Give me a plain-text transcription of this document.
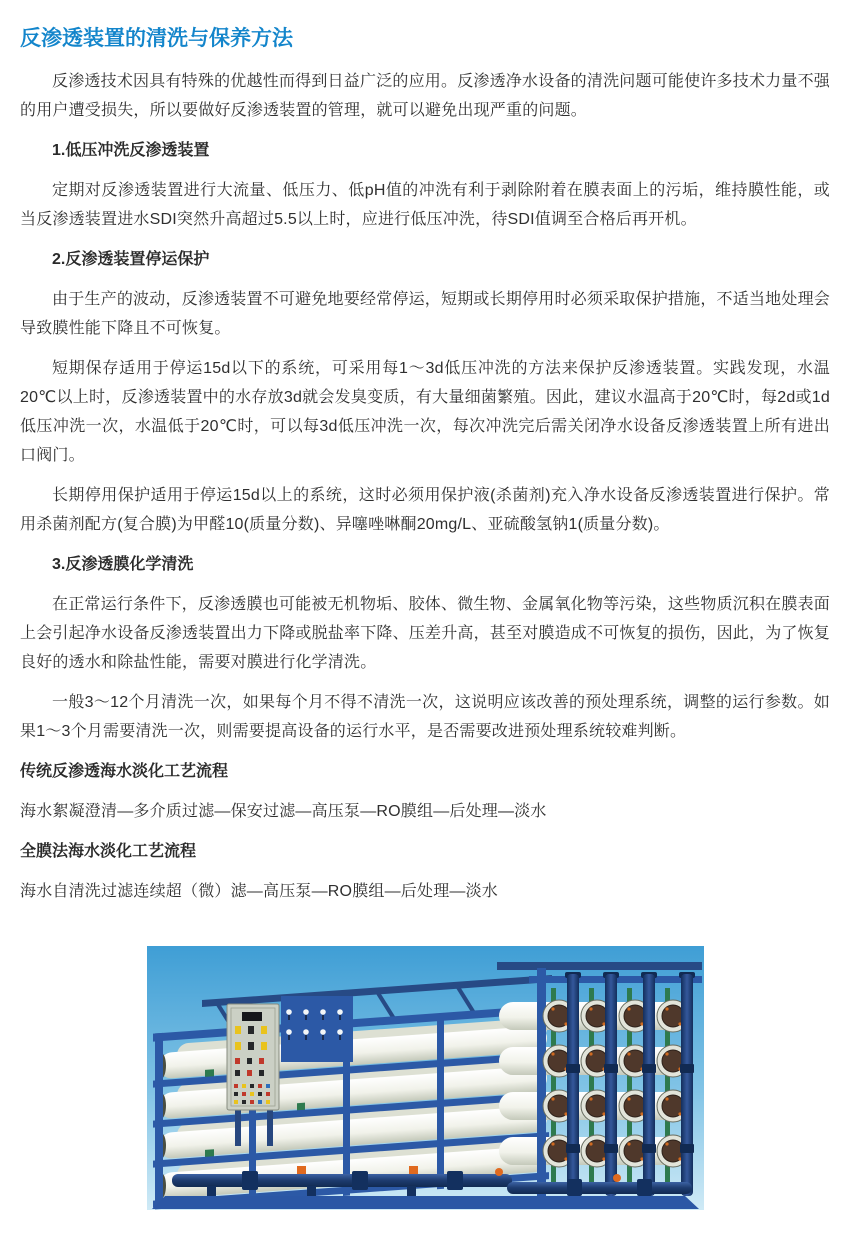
反渗透装置的清洗与保养方法

反渗透技术因具有特殊的优越性而得到日益广泛的应用。反渗透净水设备的清洗问题可能使许多技术力量不强的用户遭受损失，所以要做好反渗透装置的管理，就可以避免出现严重的问题。

1.低压冲洗反渗透装置

定期对反渗透装置进行大流量、低压力、低pH值的冲洗有利于剥除附着在膜表面上的污垢，维持膜性能，或当反渗透装置进水SDI突然升高超过5.5以上时，应进行低压冲洗，待SDI值调至合格后再开机。

2.反渗透装置停运保护

由于生产的波动，反渗透装置不可避免地要经常停运，短期或长期停用时必须采取保护措施，不适当地处理会导致膜性能下降且不可恢复。

短期保存适用于停运15d以下的系统，可采用每1～3d低压冲洗的方法来保护反渗透装置。实践发现，水温20℃以上时，反渗透装置中的水存放3d就会发臭变质，有大量细菌繁殖。因此，建议水温高于20℃时，每2d或1d低压冲洗一次，水温低于20℃时，可以每3d低压冲洗一次，每次冲洗完后需关闭净水设备反渗透装置上所有进出口阀门。

长期停用保护适用于停运15d以上的系统，这时必须用保护液(杀菌剂)充入净水设备反渗透装置进行保护。常用杀菌剂配方(复合膜)为甲醛10(质量分数)、异噻唑啉酮20mg/L、亚硫酸氢钠1(质量分数)。

3.反渗透膜化学清洗

在正常运行条件下，反渗透膜也可能被无机物垢、胶体、微生物、金属氧化物等污染，这些物质沉积在膜表面上会引起净水设备反渗透装置出力下降或脱盐率下降、压差升高，甚至对膜造成不可恢复的损伤，因此，为了恢复良好的透水和除盐性能，需要对膜进行化学清洗。

一般3～12个月清洗一次，如果每个月不得不清洗一次，这说明应该改善的预处理系统，调整的运行参数。如果1～3个月需要清洗一次，则需要提高设备的运行水平，是否需要改进预处理系统较难判断。

传统反渗透海水淡化工艺流程

海水絮凝澄清—多介质过滤—保安过滤—高压泵—RO膜组—后处理—淡水

全膜法海水淡化工艺流程

海水自清洗过滤连续超（微）滤—高压泵—RO膜组—后处理—淡水
